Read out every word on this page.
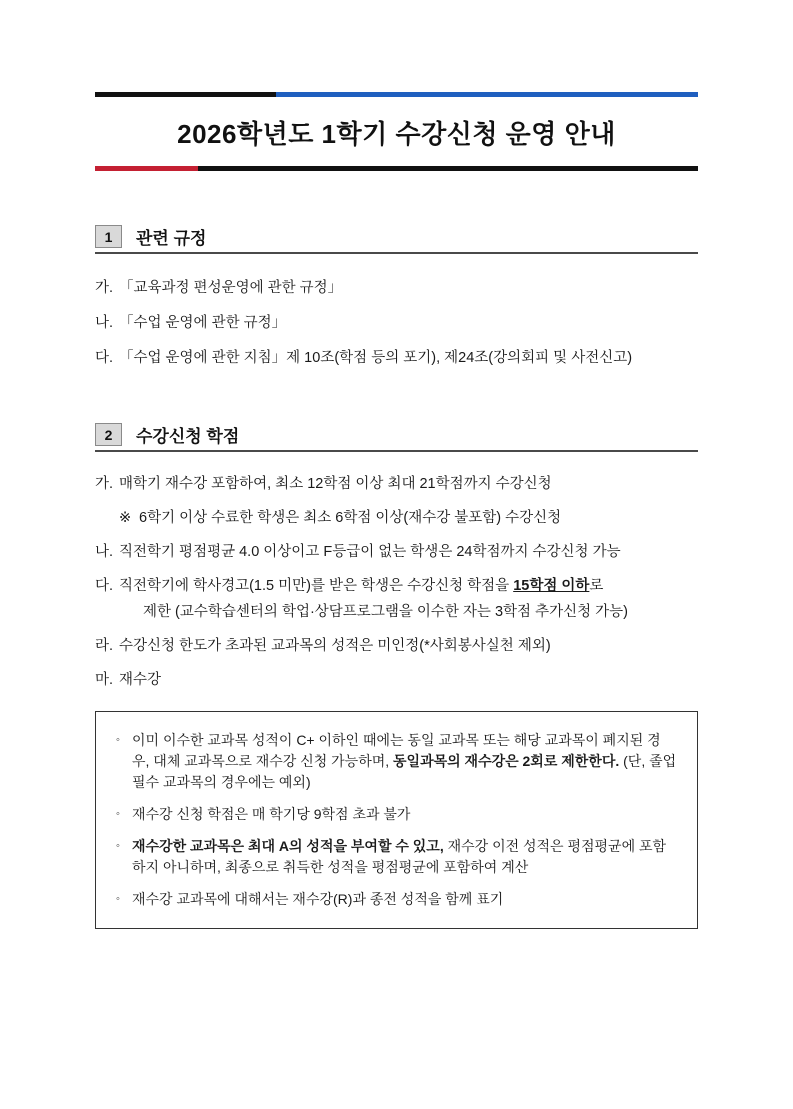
2026학년도 1학기 수강신청 운영 안내
1	관련 규정
가. 「교육과정 편성운영에 관한 규정」
나. 「수업 운영에 관한 규정」
다. 「수업 운영에 관한 지침」제 10조(학점 등의 포기), 제24조(강의회피 및 사전신고)
2	수강신청 학점
가. 매학기 재수강 포함하여, 최소 12학점 이상 최대 21학점까지 수강신청
※ 6학기 이상 수료한 학생은 최소 6학점 이상(재수강 불포함) 수강신청
나. 직전학기 평점평균 4.0 이상이고 F등급이 없는 학생은 24학점까지 수강신청 가능
다. 직전학기에 학사경고(1.5 미만)를 받은 학생은 수강신청 학점을 15학점 이하로
제한 (교수학습센터의 학업·상담프로그램을 이수한 자는 3학점 추가신청 가능)
라. 수강신청 한도가 초과된 교과목의 성적은 미인정(*사회봉사실천 제외)
마. 재수강
◦ 이미 이수한 교과목 성적이 C+ 이하인 때에는 동일 교과목 또는 해당 교과목이 폐지된 경우, 대체 교과목으로 재수강 신청 가능하며, 동일과목의 재수강은 2회로 제한한다. (단, 졸업 필수 교과목의 경우에는 예외)
◦ 재수강 신청 학점은 매 학기당 9학점 초과 불가
◦ 재수강한 교과목은 최대 A의 성적을 부여할 수 있고, 재수강 이전 성적은 평점평균에 포함하지 아니하며, 최종으로 취득한 성적을 평점평균에 포함하여 계산
◦ 재수강 교과목에 대해서는 재수강(R)과 종전 성적을 함께 표기
